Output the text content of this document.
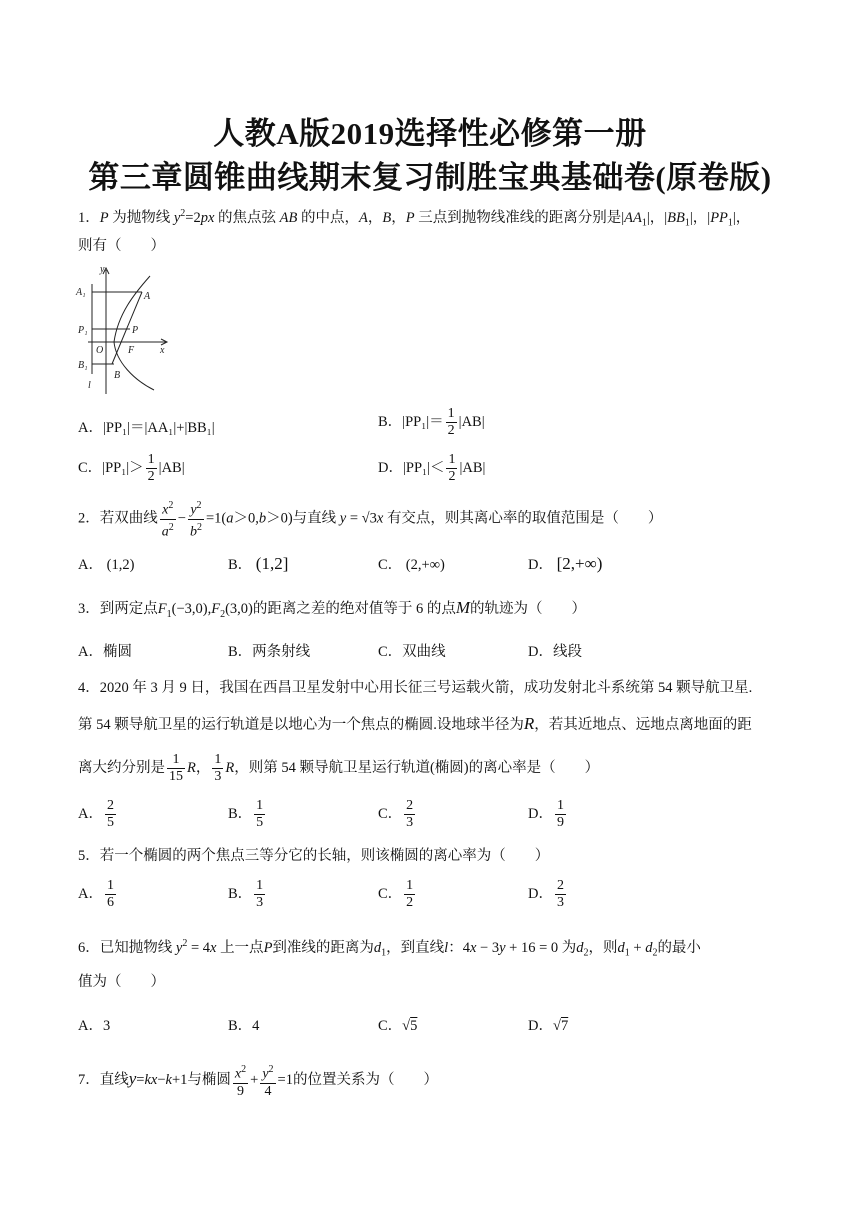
人教A版2019选择性必修第一册
第三章圆锥曲线期末复习制胜宝典基础卷(原卷版)
1．P 为抛物线 $y^2=2px$ 的焦点弦 AB 的中点，A，B，P 三点到抛物线准线的距离分别是$|AA_1|$，$|BB_1|$，$|PP_1|$，
则有（　　）
y
A₁	A
P₁	P
O F	x
B₁
B
l
A．|PP₁|＝|AA₁|+|BB₁|	B．$|PP_1|= \frac{1}{2} |AB|$
C．$|PP_1|> \frac{1}{2} |AB|$	D．$|PP_1|< \frac{1}{2} |AB|$
2．若双曲线 $\frac{x^2}{a^2} - \frac{y^2}{b^2} =1(a>0,b>0)$与直线 y = √3x 有交点，则其离心率的取值范围是（　　）
A． (1,2)	B． (1,2]	C． (2,+∞)	D． [2,+∞)
3．到两定点$F_1(-3,0),F_2(3,0)$的距离之差的绝对值等于 6 的点M的轨迹为（　　）
A．椭圆	B．两条射线	C．双曲线	D．线段
4．2020 年 3 月 9 日，我国在西昌卫星发射中心用长征三号运载火箭，成功发射北斗系统第 54 颗导航卫星.
第 54 颗导航卫星的运行轨道是以地心为一个焦点的椭圆.设地球半径为R，若其近地点、远地点离地面的距
离大约分别是 $\frac{1}{15}$ R， $\frac{1}{3}$ R，则第 54 颗导航卫星运行轨道(椭圆)的离心率是（　　）
A． $\frac{2}{5}$	B． $\frac{1}{5}$	C． $\frac{2}{3}$	D． $\frac{1}{9}$
5．若一个椭圆的两个焦点三等分它的长轴，则该椭圆的离心率为（　　）
A． $\frac{1}{6}$	B． $\frac{1}{3}$	C． $\frac{1}{2}$	D． $\frac{2}{3}$
6．已知抛物线 $y^2 = 4x$ 上一点P到准线的距离为$d_1$，到直线l：4x − 3y + 16 = 0 为$d_2$，则$d_1 + d_2$的最小
值为（　　）
A．3	B．4	C．√5	D．√7
7．直线y=kx−k+1与椭圆 $\frac{x^2}{9} + \frac{y^2}{4} =1$的位置关系为（　　）
